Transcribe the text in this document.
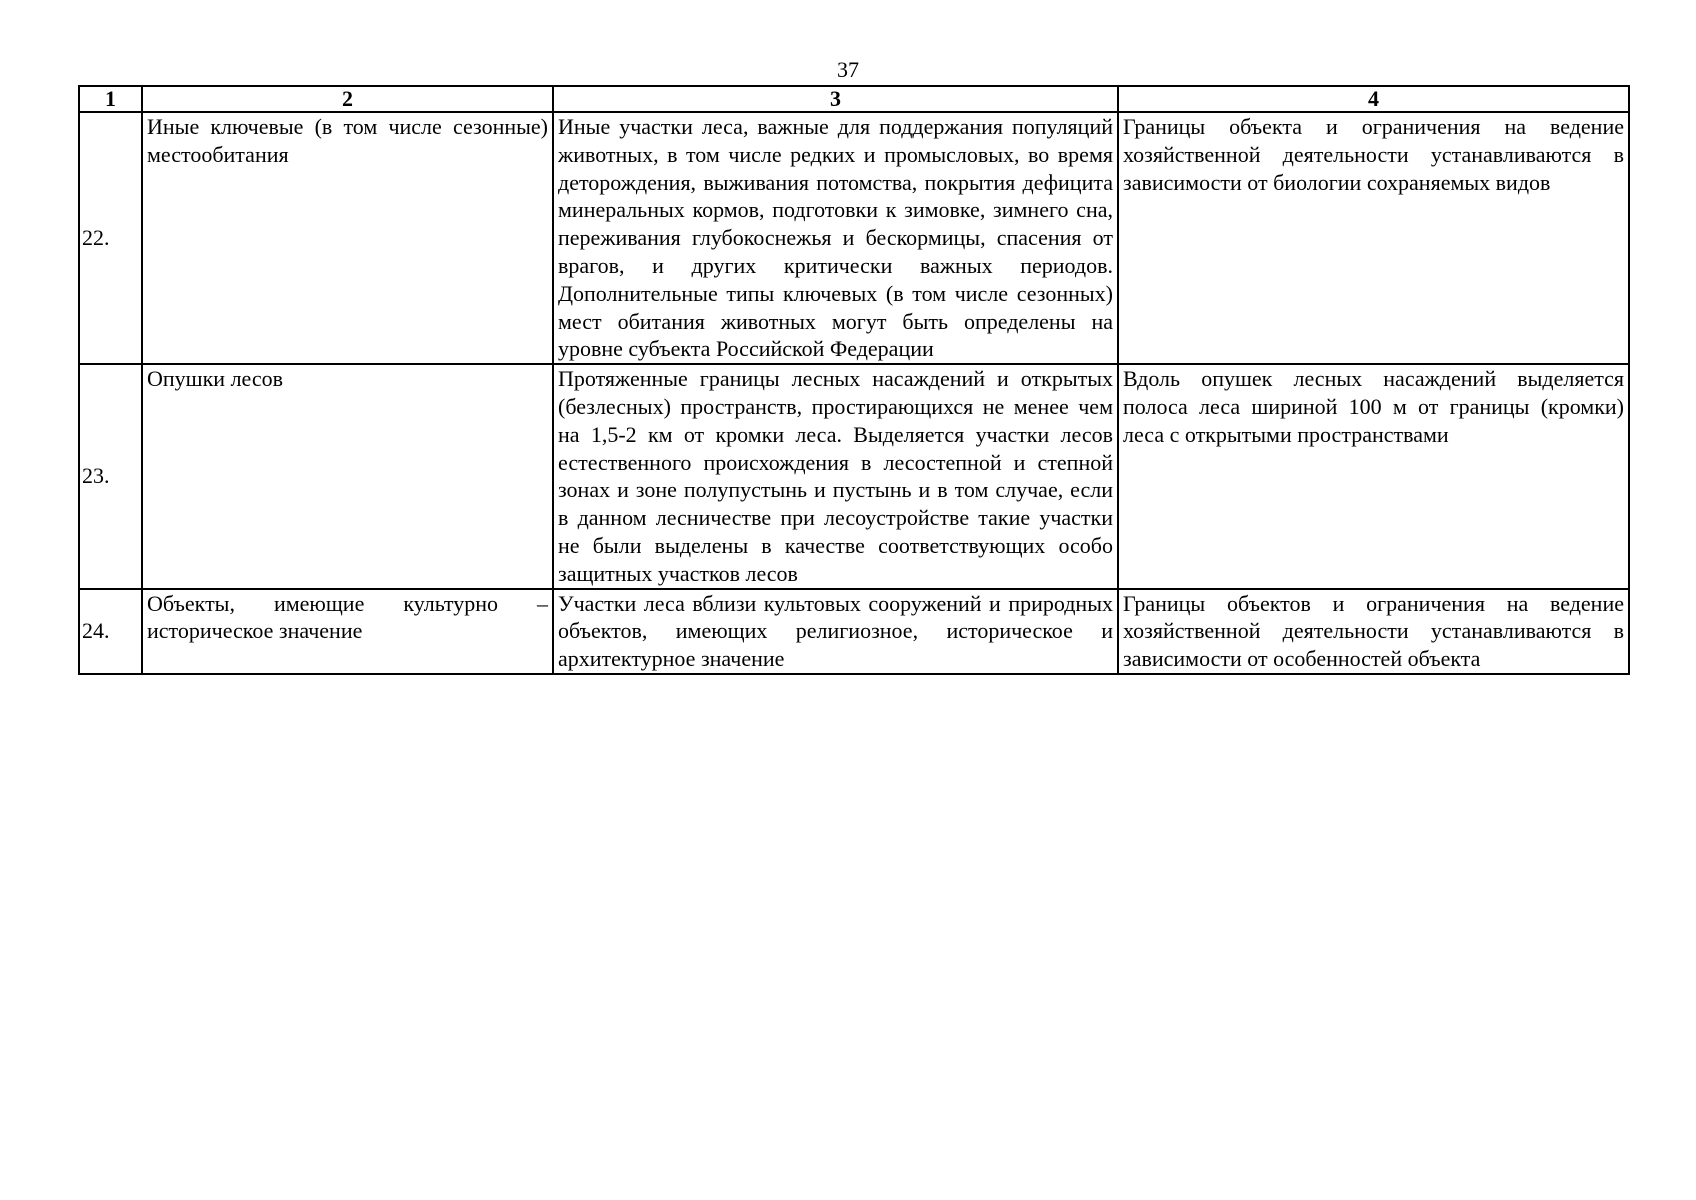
37
1	2	3	4
22.	Иные ключевые (в том числе сезонные) местообитания	Иные участки леса, важные для поддержания популяций животных, в том числе редких и промысловых, во время деторождения, выживания потомства, покрытия дефицита минеральных кормов, подготовки к зимовке, зимнего сна, переживания глубокоснежья и бескормицы, спасения от врагов, и других критически важных периодов. Дополнительные типы ключевых (в том числе сезонных) мест обитания животных могут быть определены на уровне субъекта Российской Федерации	Границы объекта и ограничения на ведение хозяйственной деятельности устанавливаются в зависимости от биологии сохраняемых видов
23.	Опушки лесов	Протяженные границы лесных насаждений и открытых (безлесных) пространств, простирающихся не менее чем на 1,5-2 км от кромки леса. Выделяется участки лесов естественного происхождения в лесостепной и степной зонах и зоне полупустынь и пустынь и в том случае, если в данном лесничестве при лесоустройстве такие участки не были выделены в качестве соответствующих особо защитных участков лесов	Вдоль опушек лесных насаждений выделяется полоса леса шириной 100 м от границы (кромки) леса с открытыми пространствами
24.	Объекты, имеющие культурно – историческое значение	Участки леса вблизи культовых сооружений и природных объектов, имеющих религиозное, историческое и архитектурное значение	Границы объектов и ограничения на ведение хозяйственной деятельности устанавливаются в зависимости от особенностей объекта
